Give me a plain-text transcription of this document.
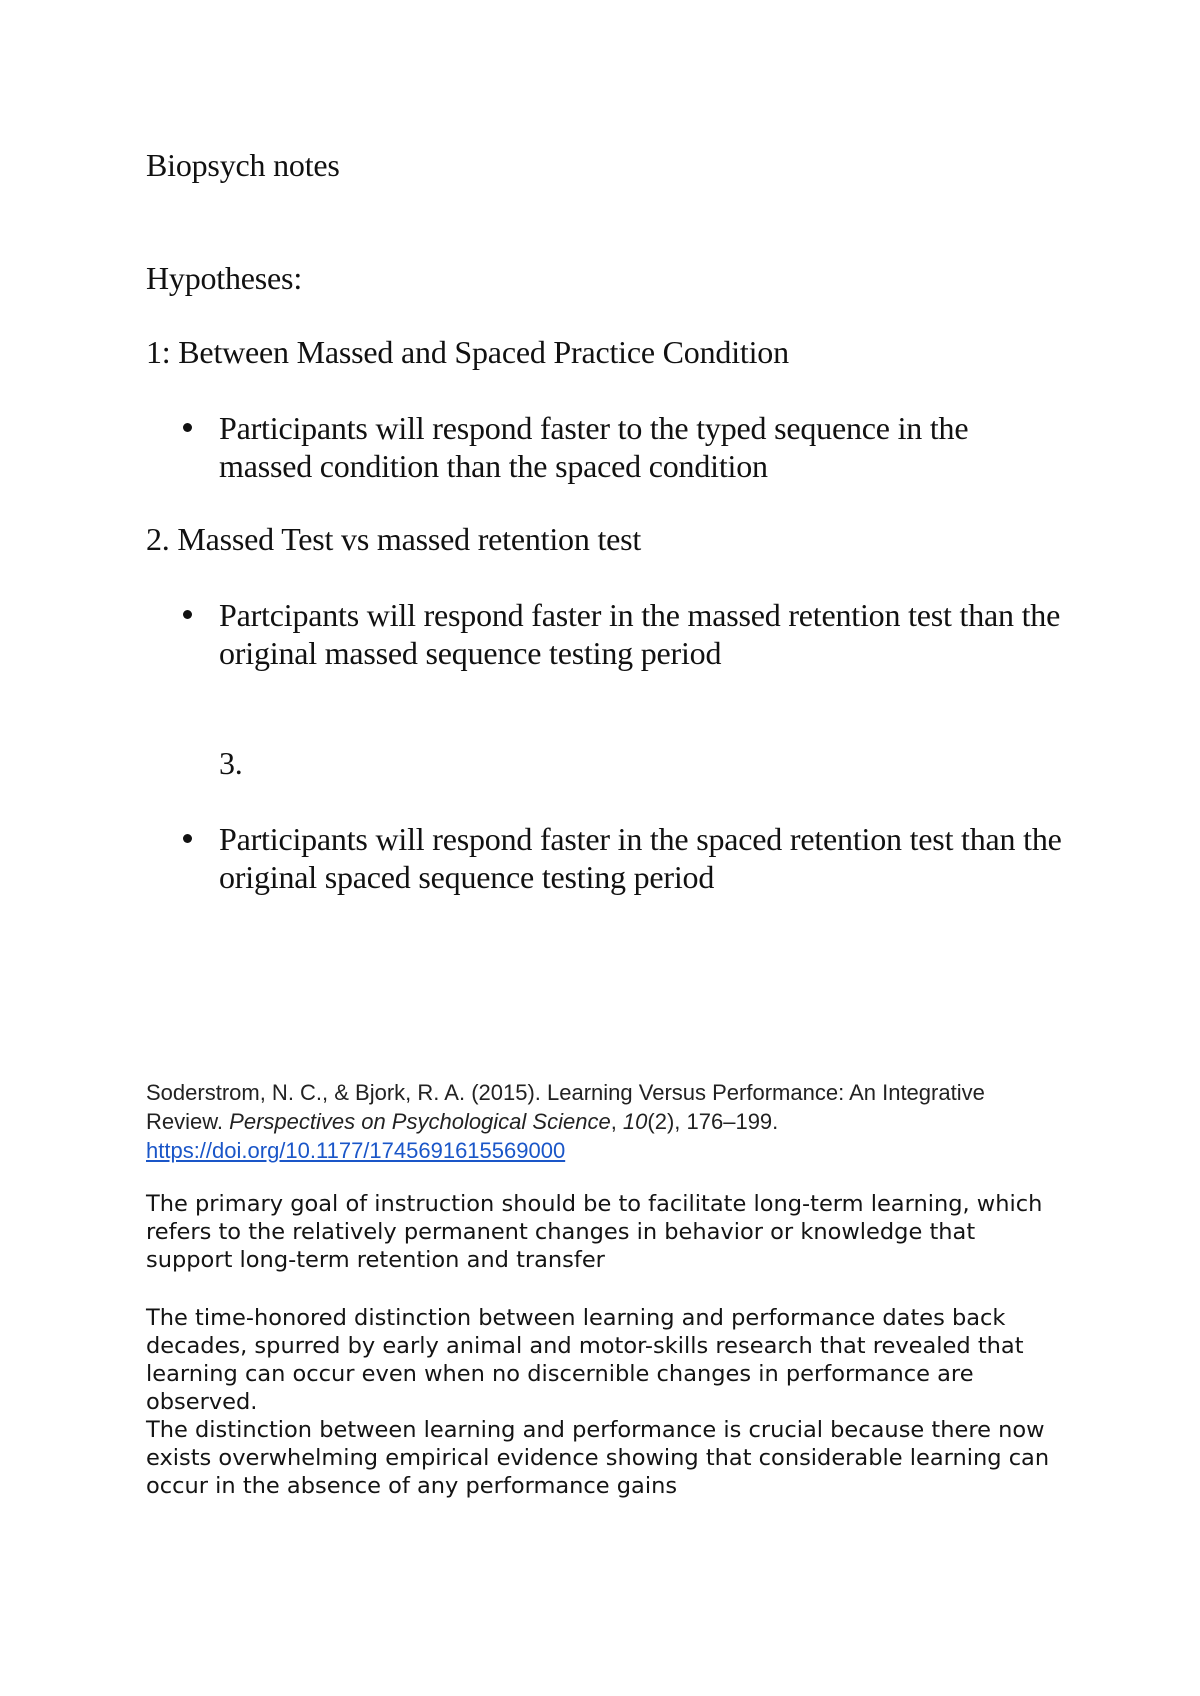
Biopsych notes

Hypotheses:

1: Between Massed and Spaced Practice Condition

Participants will respond faster to the typed sequence in the massed condition than the spaced condition

2. Massed Test vs massed retention test

Partcipants will respond faster in the massed retention test than the original massed sequence testing period

3.

Participants will respond faster in the spaced retention test than the original spaced sequence testing period

Soderstrom, N. C., & Bjork, R. A. (2015). Learning Versus Performance: An Integrative Review. Perspectives on Psychological Science, 10(2), 176–199.
https://doi.org/10.1177/1745691615569000

The primary goal of instruction should be to facilitate long-term learning, which refers to the relatively permanent changes in behavior or knowledge that support long-term retention and transfer

The time-honored distinction between learning and performance dates back decades, spurred by early animal and motor-skills research that revealed that learning can occur even when no discernible changes in performance are observed.

The distinction between learning and performance is crucial because there now exists overwhelming empirical evidence showing that considerable learning can occur in the absence of any performance gains
